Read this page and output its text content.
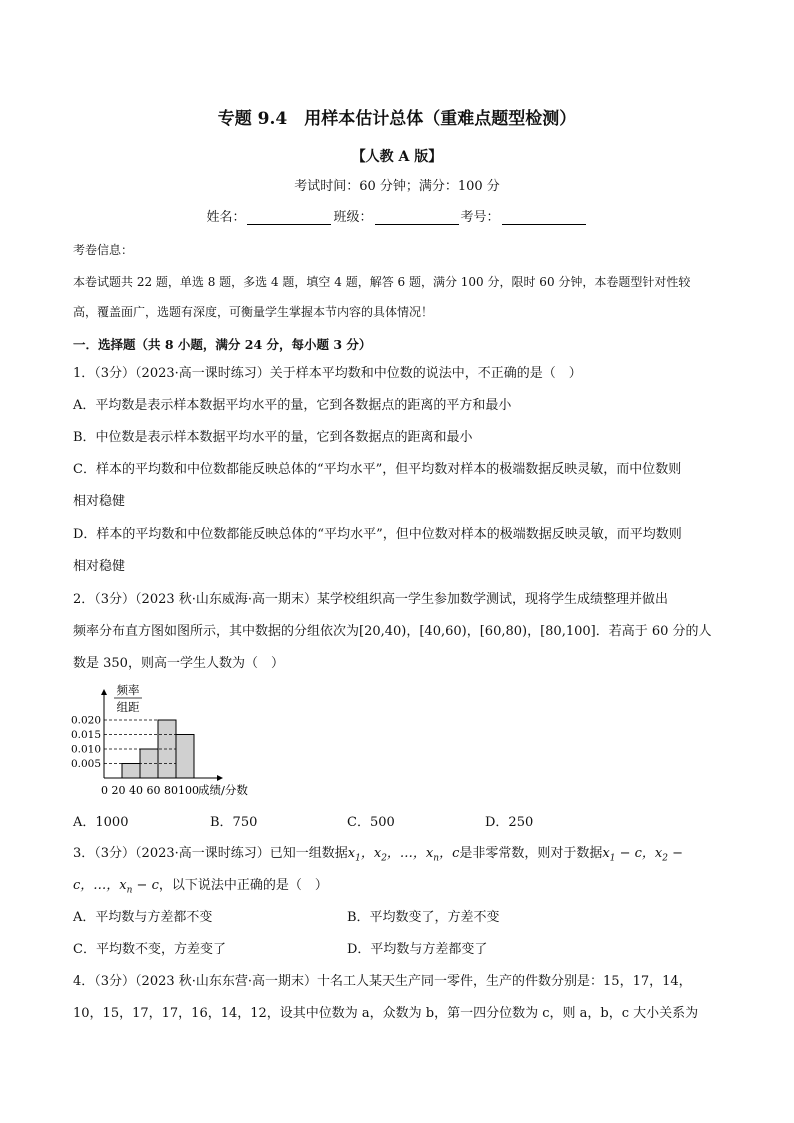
专题 9.4　用样本估计总体（重难点题型检测）
【人教 A 版】
考试时间：60 分钟；满分：100 分
姓名：	班级：	考号：
考卷信息：
本卷试题共 22 题，单选 8 题，多选 4 题，填空 4 题，解答 6 题，满分 100 分，限时 60 分钟，本卷题型针对性较
高，覆盖面广，选题有深度，可衡量学生掌握本节内容的具体情况！
一．选择题（共 8 小题，满分 24 分，每小题 3 分）
1．（3分）（2023·高一课时练习）关于样本平均数和中位数的说法中，不正确的是（　）
A．平均数是表示样本数据平均水平的量，它到各数据点的距离的平方和最小
B．中位数是表示样本数据平均水平的量，它到各数据点的距离和最小
C．样本的平均数和中位数都能反映总体的“平均水平”，但平均数对样本的极端数据反映灵敏，而中位数则
相对稳健
D．样本的平均数和中位数都能反映总体的“平均水平”，但中位数对样本的极端数据反映灵敏，而平均数则
相对稳健
2．（3分）（2023 秋·山东威海·高一期末）某学校组织高一学生参加数学测试，现将学生成绩整理并做出
频率分布直方图如图所示，其中数据的分组依次为[20,40)，[40,60)，[60,80)，[80,100]．若高于 60 分的人
数是 350，则高一学生人数为（　）
0.020
0.015
0.010
0.005
0 20 40 60 80100 成绩/分数
频率
组距
A．1000	B．750	C．500	D．250
3．（3分）（2023·高一课时练习）已知一组数据$x_1$，$x_2$，…，$x_n$，c是非零常数，则对于数据$x_1 - c$，$x_2$ −
c，…，$x_n - c$，以下说法中正确的是（　）
A．平均数与方差都不变	B．平均数变了，方差不变
C．平均数不变，方差变了	D．平均数与方差都变了
4．（3分）（2023 秋·山东东营·高一期末）十名工人某天生产同一零件，生产的件数分别是：15，17，14，
10，15，17，17，16，14，12，设其中位数为 a，众数为 b，第一四分位数为 c，则 a，b，c 大小关系为
